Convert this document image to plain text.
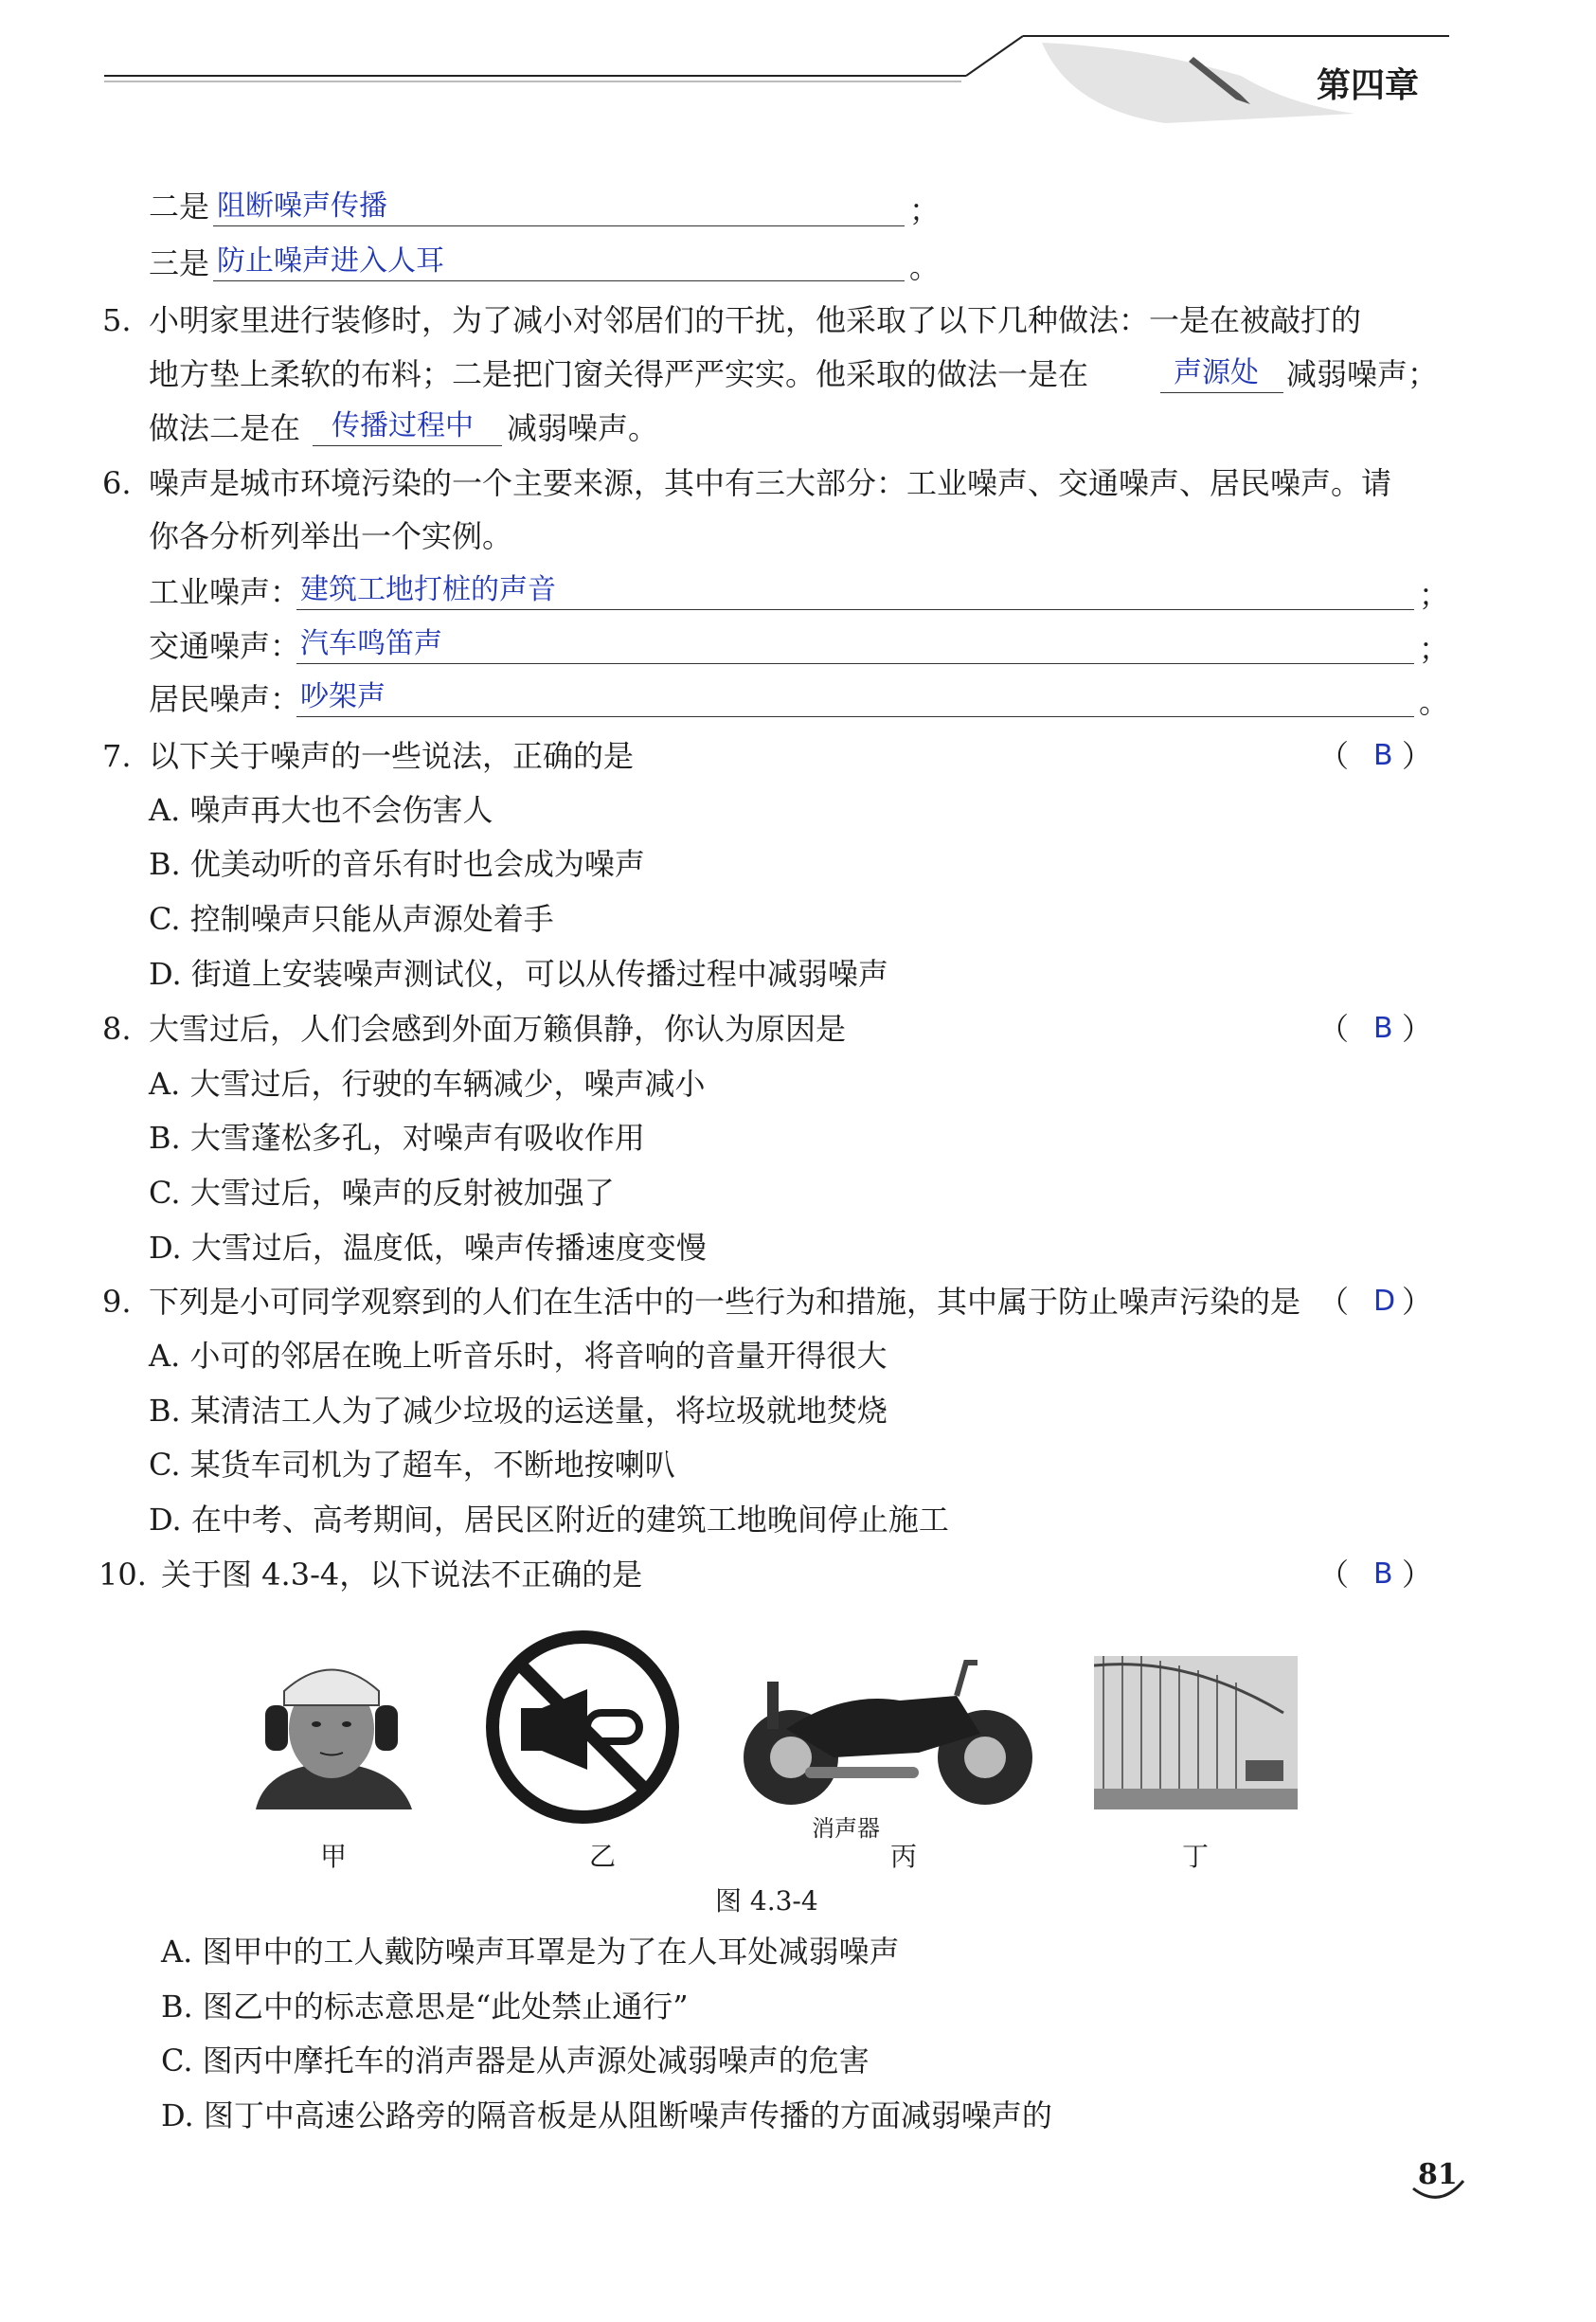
第四章
二是 阻断噪声传播	；
三是 防止噪声进入人耳	。
5. 小明家里进行装修时，为了减小对邻居们的干扰，他采取了以下几种做法：一是在被敲打的
地方垫上柔软的布料；二是把门窗关得严严实实。他采取的做法一是在	声源处 减弱噪声；
做法二是在 传播过程中 减弱噪声。
6. 噪声是城市环境污染的一个主要来源，其中有三大部分：工业噪声、交通噪声、居民噪声。请
你各分析列举出一个实例。
工业噪声： 建筑工地打桩的声音	；
交通噪声： 汽车鸣笛声	；
居民噪声： 吵架声	。
7. 以下关于噪声的一些说法，正确的是	（ B ）
A. 噪声再大也不会伤害人
B. 优美动听的音乐有时也会成为噪声
C. 控制噪声只能从声源处着手
D. 街道上安装噪声测试仪，可以从传播过程中减弱噪声
8. 大雪过后，人们会感到外面万籁俱静，你认为原因是	（ B ）
A. 大雪过后，行驶的车辆减少，噪声减小
B. 大雪蓬松多孔，对噪声有吸收作用
C. 大雪过后，噪声的反射被加强了
D. 大雪过后，温度低，噪声传播速度变慢
9. 下列是小可同学观察到的人们在生活中的一些行为和措施，其中属于防止噪声污染的是 （ D ）
A. 小可的邻居在晚上听音乐时，将音响的音量开得很大
B. 某清洁工人为了减少垃圾的运送量，将垃圾就地焚烧
C. 某货车司机为了超车，不断地按喇叭
D. 在中考、高考期间，居民区附近的建筑工地晚间停止施工
10. 关于图 4.3-4，以下说法不正确的是	（ B ）
消声器
甲	乙	丙	丁
图 4.3-4
A. 图甲中的工人戴防噪声耳罩是为了在人耳处减弱噪声
B. 图乙中的标志意思是“此处禁止通行”
C. 图丙中摩托车的消声器是从声源处减弱噪声的危害
D. 图丁中高速公路旁的隔音板是从阻断噪声传播的方面减弱噪声的
81
